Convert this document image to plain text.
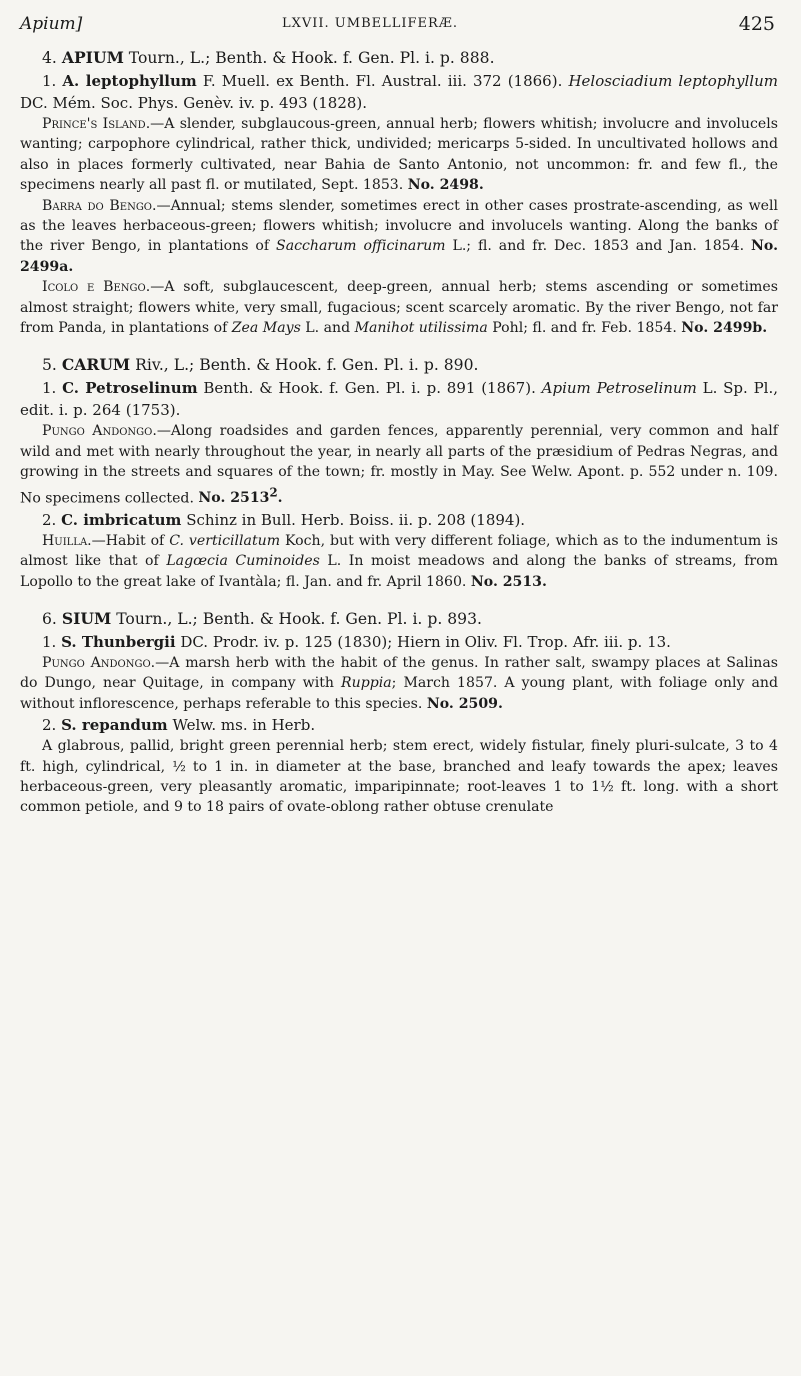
Apium]	LXVII. UMBELLIFERÆ.	425

4. APIUM Tourn., L.; Benth. & Hook. f. Gen. Pl. i. p. 888.

1. A. leptophyllum F. Muell. ex Benth. Fl. Austral. iii. 372 (1866). Helosciadium leptophyllum DC. Mém. Soc. Phys. Genèv. iv. p. 493 (1828).

Prince's Island.—A slender, subglaucous-green, annual herb; flowers whitish; involucre and involucels wanting; carpophore cylindrical, rather thick, undivided; mericarps 5-sided. In uncultivated hollows and also in places formerly cultivated, near Bahia de Santo Antonio, not uncommon: fr. and few fl., the specimens nearly all past fl. or mutilated, Sept. 1853. No. 2498.

Barra do Bengo.—Annual; stems slender, sometimes erect in other cases prostrate-ascending, as well as the leaves herbaceous-green; flowers whitish; involucre and involucels wanting. Along the banks of the river Bengo, in plantations of Saccharum officinarum L.; fl. and fr. Dec. 1853 and Jan. 1854. No. 2499a.

Icolo e Bengo.—A soft, subglaucescent, deep-green, annual herb; stems ascending or sometimes almost straight; flowers white, very small, fugacious; scent scarcely aromatic. By the river Bengo, not far from Panda, in plantations of Zea Mays L. and Manihot utilissima Pohl; fl. and fr. Feb. 1854. No. 2499b.

5. CARUM Riv., L.; Benth. & Hook. f. Gen. Pl. i. p. 890.

1. C. Petroselinum Benth. & Hook. f. Gen. Pl. i. p. 891 (1867). Apium Petroselinum L. Sp. Pl., edit. i. p. 264 (1753).

Pungo Andongo.—Along roadsides and garden fences, apparently perennial, very common and half wild and met with nearly throughout the year, in nearly all parts of the præsidium of Pedras Negras, and growing in the streets and squares of the town; fr. mostly in May. See Welw. Apont. p. 552 under n. 109. No specimens collected. No. 2513$^2$.

2. C. imbricatum Schinz in Bull. Herb. Boiss. ii. p. 208 (1894).

Huilla.—Habit of C. verticillatum Koch, but with very different foliage, which as to the indumentum is almost like that of Lagœcia Cuminoides L. In moist meadows and along the banks of streams, from Lopollo to the great lake of Ivantàla; fl. Jan. and fr. April 1860. No. 2513.

6. SIUM Tourn., L.; Benth. & Hook. f. Gen. Pl. i. p. 893.

1. S. Thunbergii DC. Prodr. iv. p. 125 (1830); Hiern in Oliv. Fl. Trop. Afr. iii. p. 13.

Pungo Andongo.—A marsh herb with the habit of the genus. In rather salt, swampy places at Salinas do Dungo, near Quitage, in company with Ruppia; March 1857. A young plant, with foliage only and without inflorescence, perhaps referable to this species. No. 2509.

2. S. repandum Welw. ms. in Herb.

A glabrous, pallid, bright green perennial herb; stem erect, widely fistular, finely pluri-sulcate, 3 to 4 ft. high, cylindrical, ½ to 1 in. in diameter at the base, branched and leafy towards the apex; leaves herbaceous-green, very pleasantly aromatic, imparipinnate; root-leaves 1 to 1½ ft. long. with a short common petiole, and 9 to 18 pairs of ovate-oblong rather obtuse crenulate
